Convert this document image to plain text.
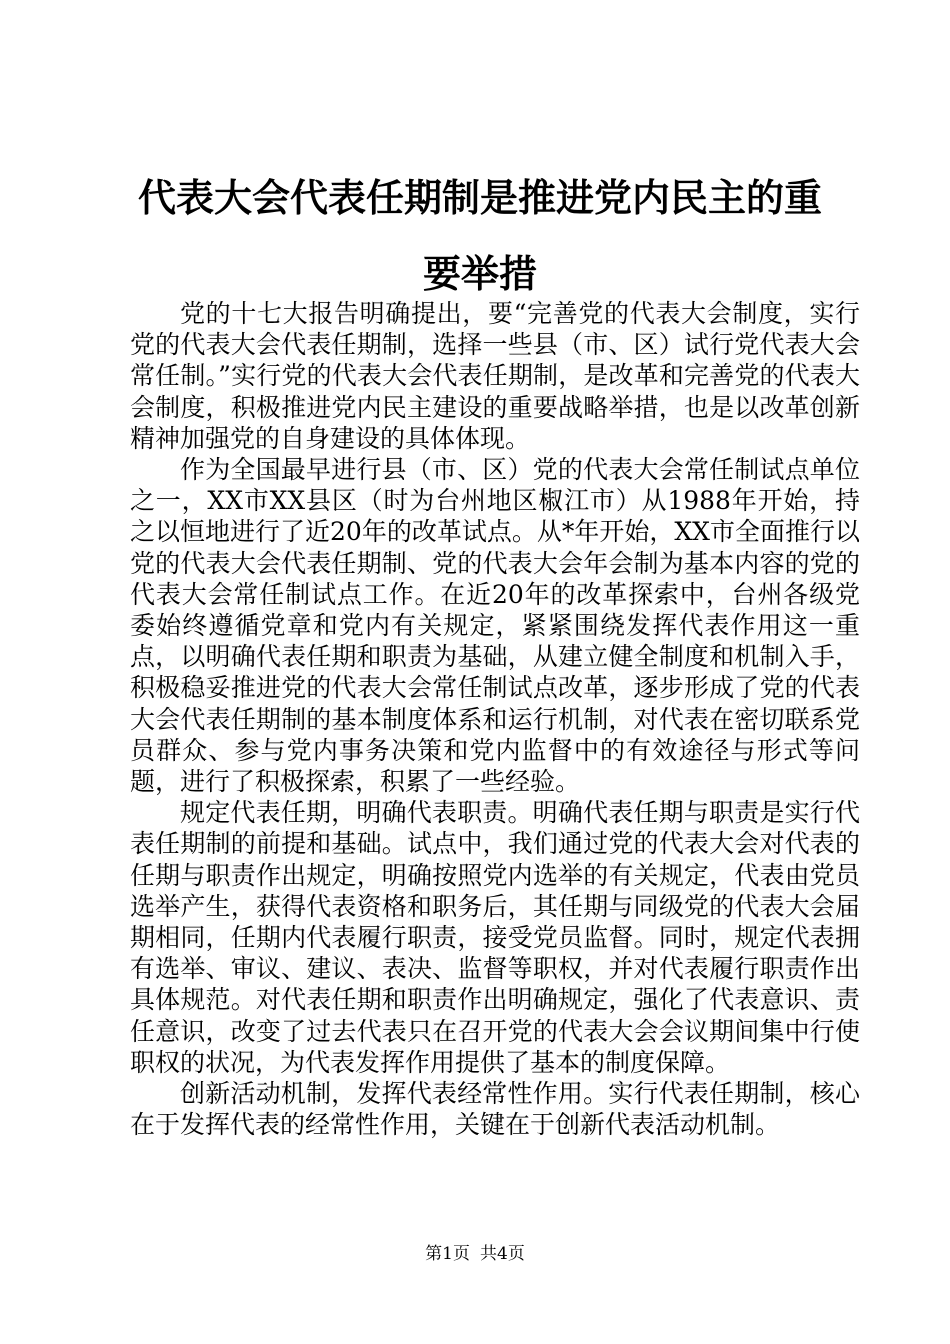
代表大会代表任期制是推进党内民主的重要举措

党的十七大报告明确提出，要“完善党的代表大会制度，实行党的代表大会代表任期制，选择一些县（市、区）试行党代表大会常任制。”实行党的代表大会代表任期制，是改革和完善党的代表大会制度，积极推进党内民主建设的重要战略举措，也是以改革创新精神加强党的自身建设的具体体现。

作为全国最早进行县（市、区）党的代表大会常任制试点单位之一，XX市XX县区（时为台州地区椒江市）从1988年开始，持之以恒地进行了近20年的改革试点。从*年开始，XX市全面推行以党的代表大会代表任期制、党的代表大会年会制为基本内容的党的代表大会常任制试点工作。在近20年的改革探索中，台州各级党委始终遵循党章和党内有关规定，紧紧围绕发挥代表作用这一重点，以明确代表任期和职责为基础，从建立健全制度和机制入手，积极稳妥推进党的代表大会常任制试点改革，逐步形成了党的代表大会代表任期制的基本制度体系和运行机制，对代表在密切联系党员群众、参与党内事务决策和党内监督中的有效途径与形式等问题，进行了积极探索，积累了一些经验。

规定代表任期，明确代表职责。明确代表任期与职责是实行代表任期制的前提和基础。试点中，我们通过党的代表大会对代表的任期与职责作出规定，明确按照党内选举的有关规定，代表由党员选举产生，获得代表资格和职务后，其任期与同级党的代表大会届期相同，任期内代表履行职责，接受党员监督。同时，规定代表拥有选举、审议、建议、表决、监督等职权，并对代表履行职责作出具体规范。对代表任期和职责作出明确规定，强化了代表意识、责任意识，改变了过去代表只在召开党的代表大会会议期间集中行使职权的状况，为代表发挥作用提供了基本的制度保障。

创新活动机制，发挥代表经常性作用。实行代表任期制，核心在于发挥代表的经常性作用，关键在于创新代表活动机制。

第1页 共4页
